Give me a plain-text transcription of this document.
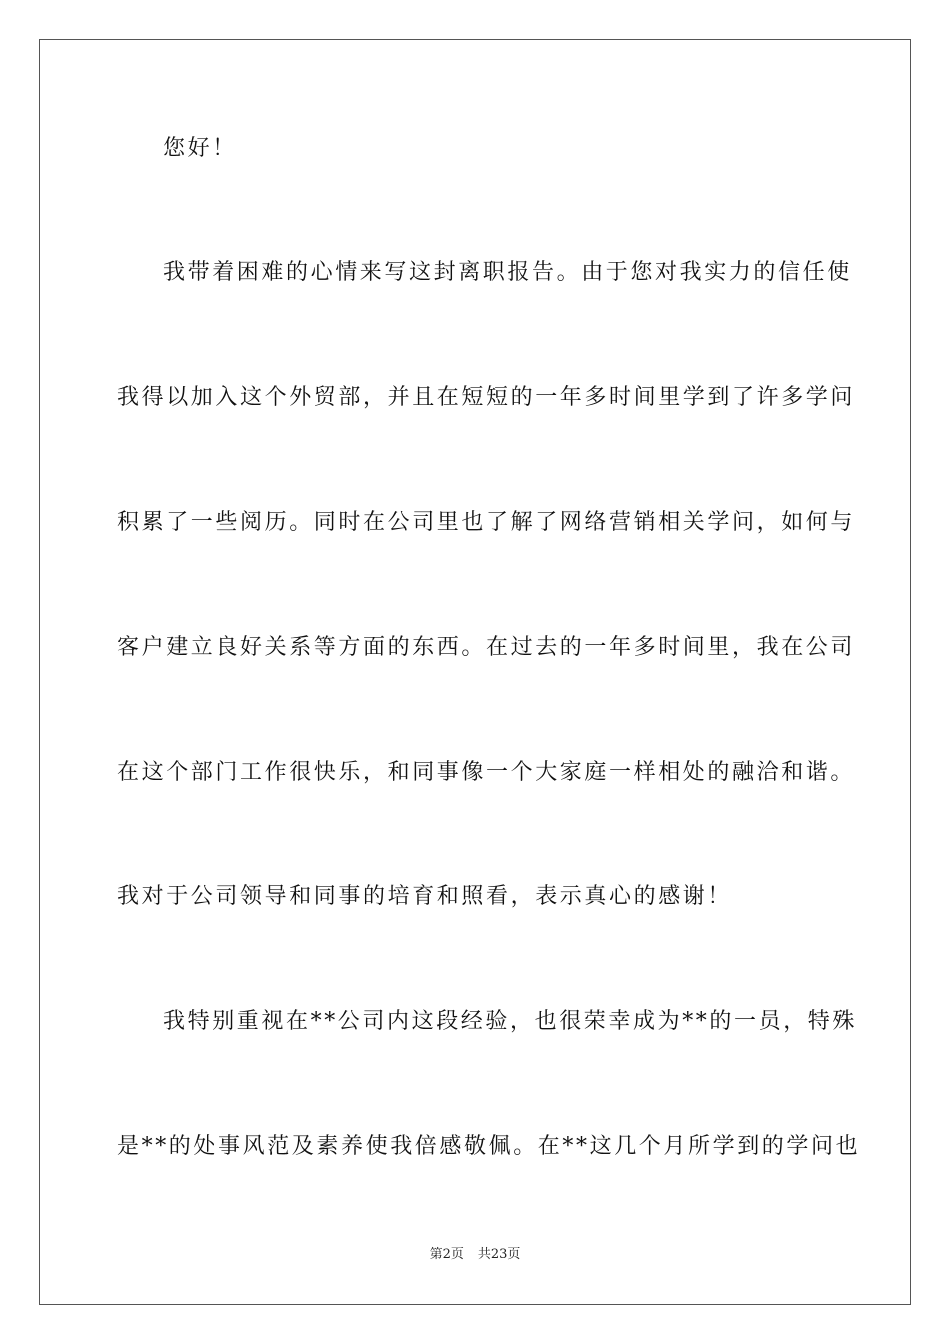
您好！
我带着困难的心情来写这封离职报告。由于您对我实力的信任使
我得以加入这个外贸部，并且在短短的一年多时间里学到了许多学问
积累了一些阅历。同时在公司里也了解了网络营销相关学问，如何与
客户建立良好关系等方面的东西。在过去的一年多时间里，我在公司
在这个部门工作很快乐，和同事像一个大家庭一样相处的融洽和谐。
我对于公司领导和同事的培育和照看，表示真心的感谢！
我特别重视在**公司内这段经验，也很荣幸成为**的一员，特殊
是**的处事风范及素养使我倍感敬佩。在**这几个月所学到的学问也
第2页 共23页
